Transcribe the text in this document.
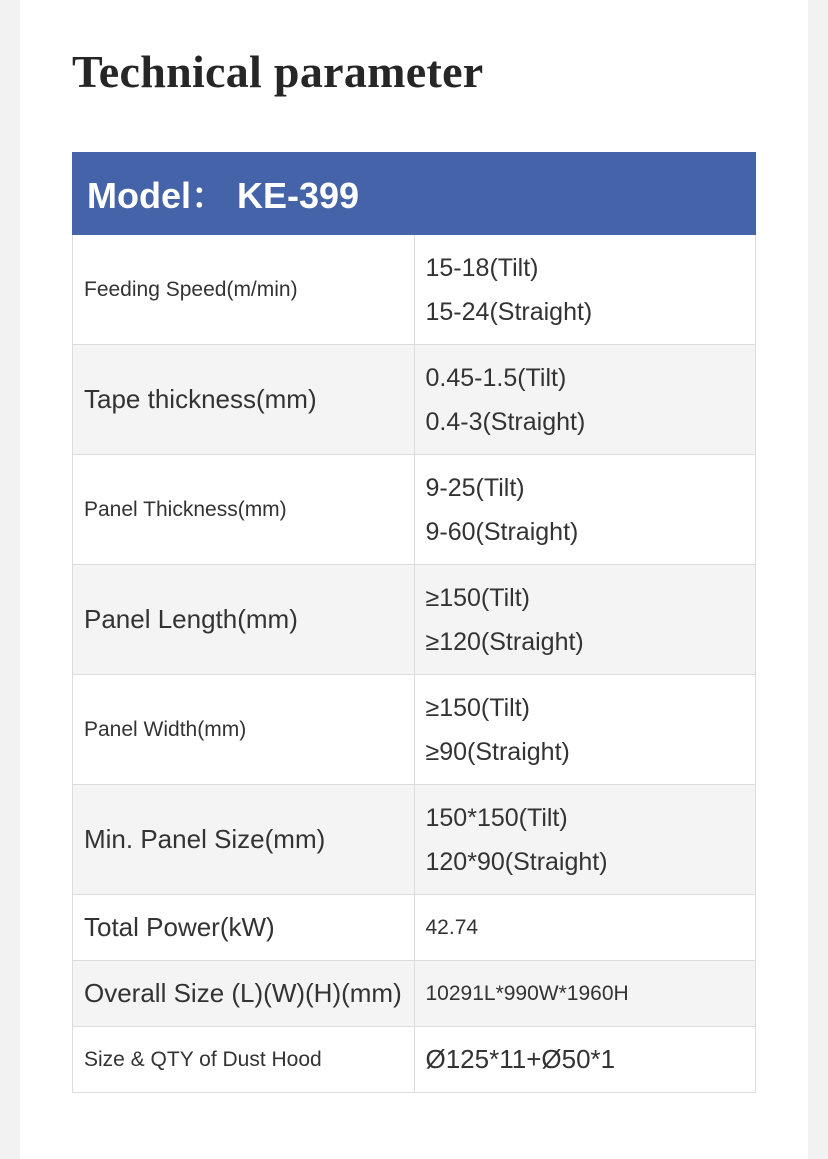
Technical parameter
Model： KE-399	
Feeding Speed(m/min)	15-18(Tilt)
15-24(Straight)

Tape thickness(mm)	0.45-1.5(Tilt)
0.4-3(Straight)

Panel Thickness(mm)	9-25(Tilt)
9-60(Straight)

Panel Length(mm)	≥150(Tilt)
≥120(Straight)

Panel Width(mm)	≥150(Tilt)
≥90(Straight)

Min. Panel Size(mm)	150*150(Tilt)
120*90(Straight)

Total Power(kW)	42.74
Overall Size (L)(W)(H)(mm)	10291L*990W*1960H
Size & QTY of Dust Hood	Ø125*11+Ø50*1
